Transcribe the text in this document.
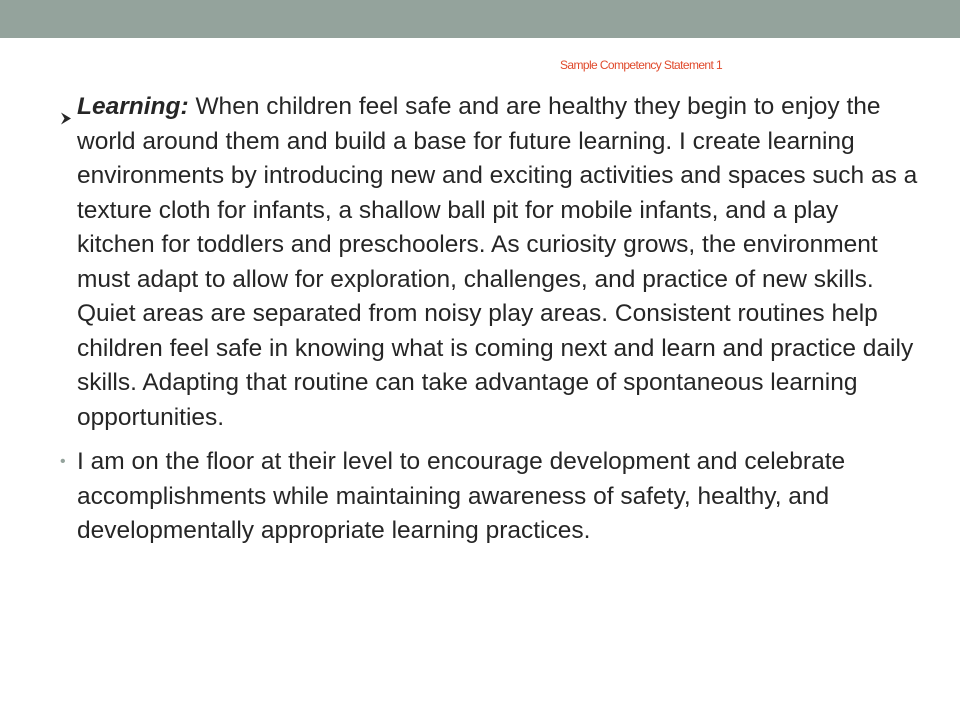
Sample Competency Statement 1
Learning: When children feel safe and are healthy they begin to enjoy the world around them and build a base for future learning. I create learning environments by introducing new and exciting activities and spaces such as a texture cloth for infants, a shallow ball pit for mobile infants, and a play kitchen for toddlers and preschoolers. As curiosity grows, the environment must adapt to allow for exploration, challenges, and practice of new skills. Quiet areas are separated from noisy play areas. Consistent routines help children feel safe in knowing what is coming next and learn and practice daily skills. Adapting that routine can take advantage of spontaneous learning opportunities.
• I am on the floor at their level to encourage development and celebrate accomplishments while maintaining awareness of safety, healthy, and developmentally appropriate learning practices.
